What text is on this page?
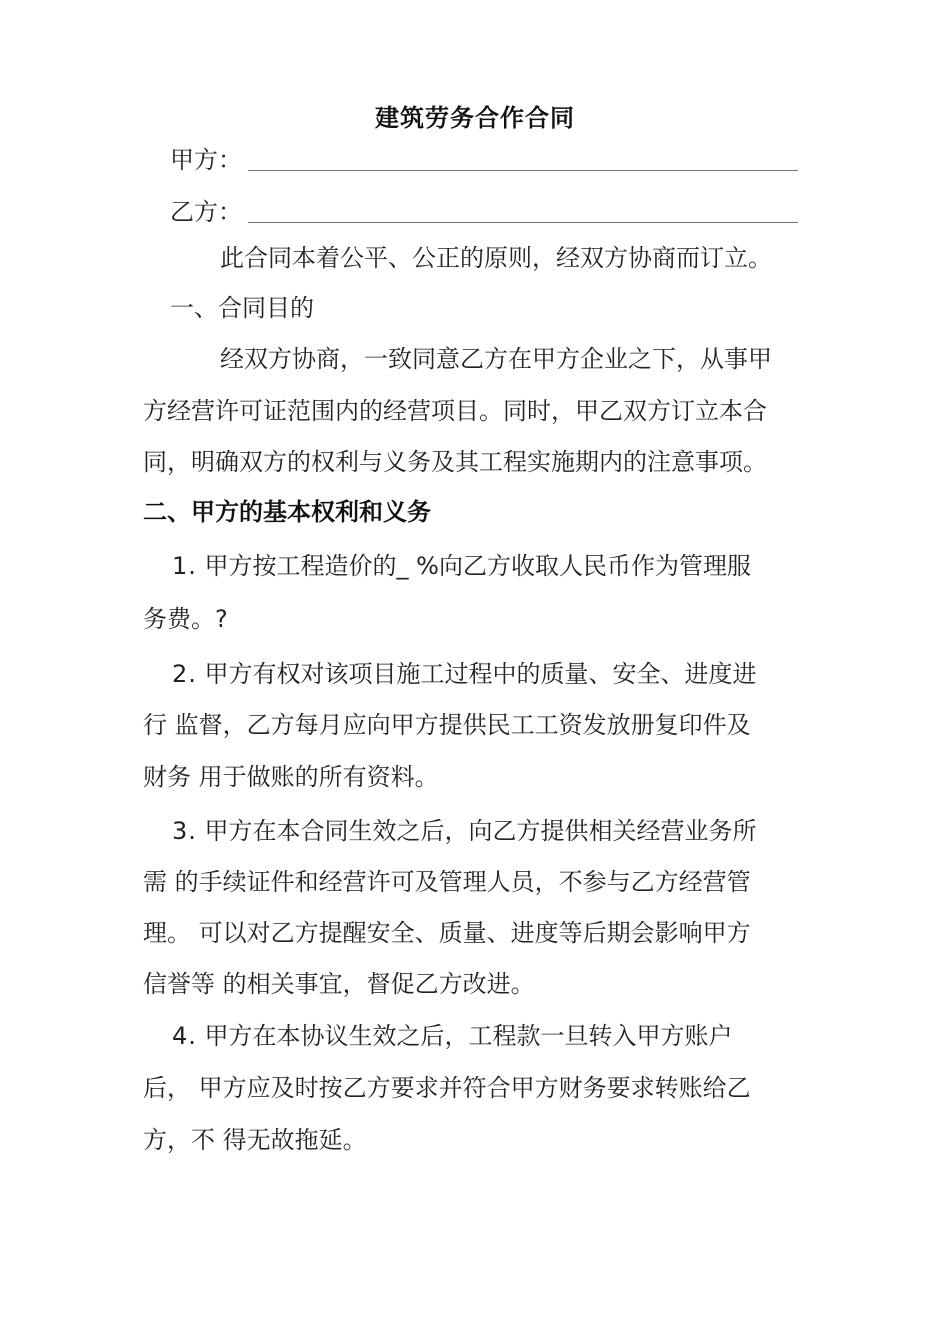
建筑劳务合作合同
甲方：
乙方：
此合同本着公平、公正的原则，经双方协商而订立。
一、合同目的
经双方协商，一致同意乙方在甲方企业之下，从事甲
方经营许可证范围内的经营项目。同时，甲乙双方订立本合
同，明确双方的权利与义务及其工程实施期内的注意事项。
二、甲方的基本权利和义务
1. 甲方按工程造价的_ %向乙方收取人民币作为管理服
务费。?
2. 甲方有权对该项目施工过程中的质量、安全、进度进
行 监督，乙方每月应向甲方提供民工工资发放册复印件及
财务 用于做账的所有资料。
3. 甲方在本合同生效之后，向乙方提供相关经营业务所
需 的手续证件和经营许可及管理人员，不参与乙方经营管
理。 可以对乙方提醒安全、质量、进度等后期会影响甲方
信誉等 的相关事宜，督促乙方改进。
4. 甲方在本协议生效之后，工程款一旦转入甲方账户
后， 甲方应及时按乙方要求并符合甲方财务要求转账给乙
方，不 得无故拖延。
